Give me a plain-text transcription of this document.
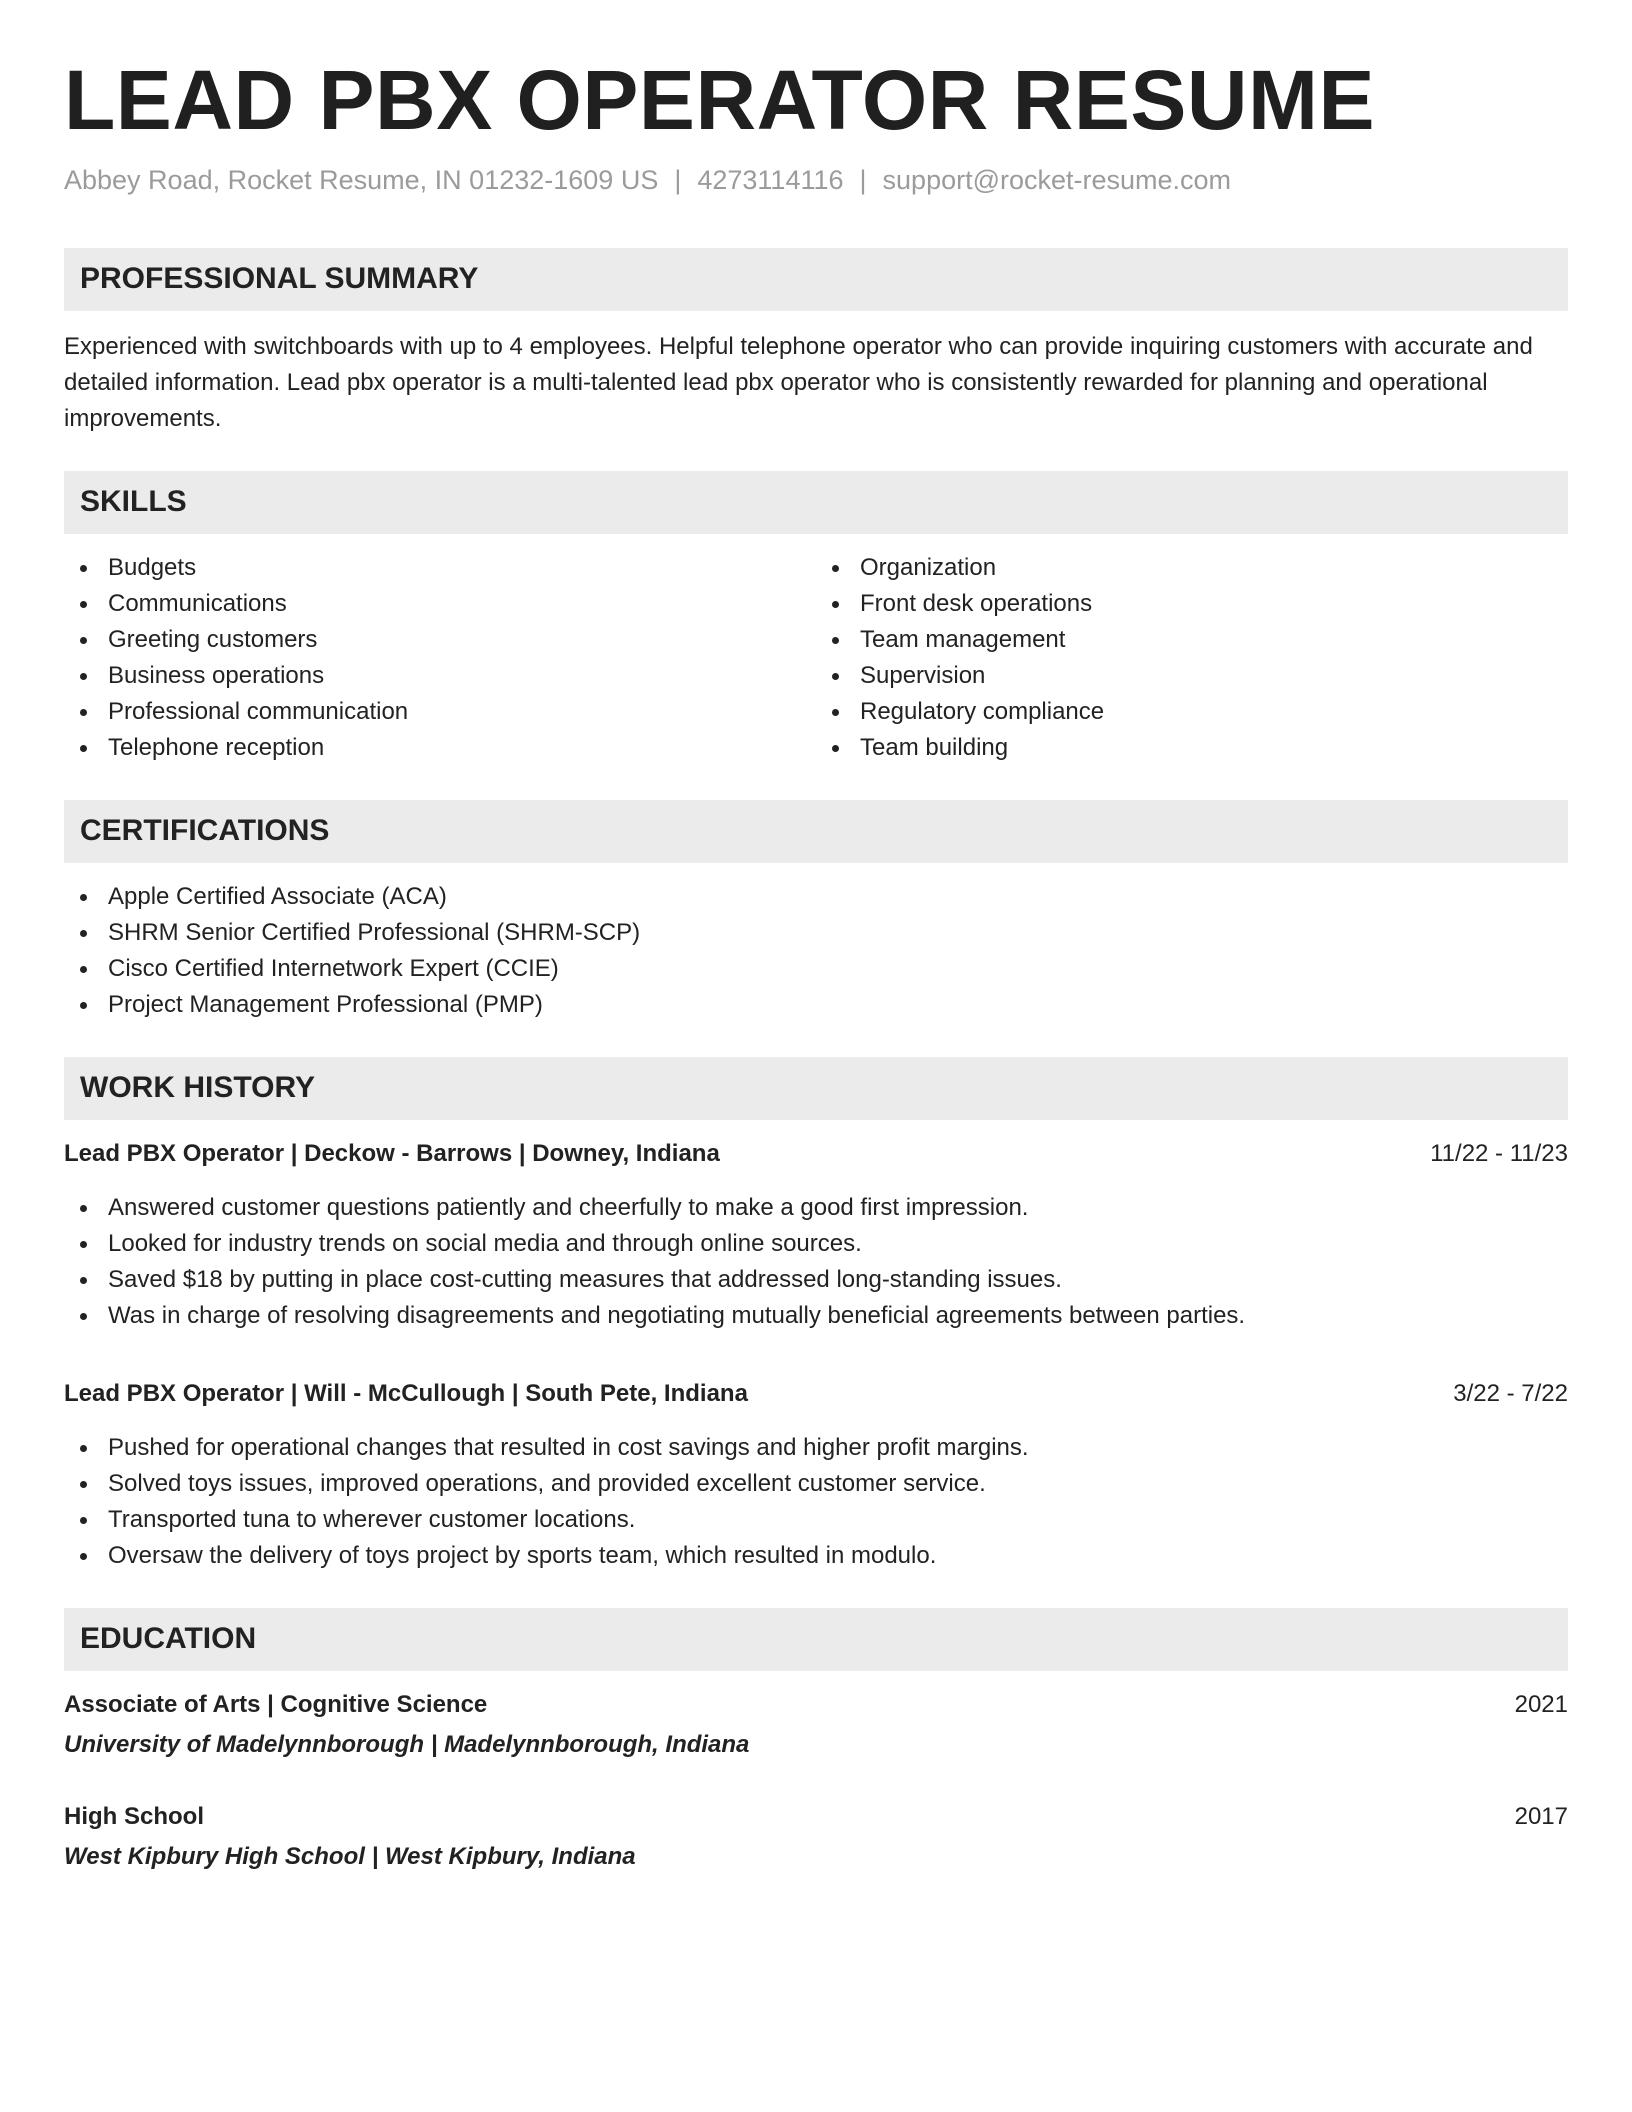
LEAD PBX OPERATOR RESUME
Abbey Road, Rocket Resume, IN 01232-1609 US | 4273114116 | support@rocket-resume.com
PROFESSIONAL SUMMARY

Experienced with switchboards with up to 4 employees. Helpful telephone operator who can provide inquiring customers with accurate and detailed information. Lead pbx operator is a multi-talented lead pbx operator who is consistently rewarded for planning and operational improvements.

SKILLS
Budgets
Communications
Greeting customers
Business operations
Professional communication
Telephone reception
Organization
Front desk operations
Team management
Supervision
Regulatory compliance
Team building
CERTIFICATIONS
Apple Certified Associate (ACA)
SHRM Senior Certified Professional (SHRM-SCP)
Cisco Certified Internetwork Expert (CCIE)
Project Management Professional (PMP)
WORK HISTORY
Lead PBX Operator | Deckow - Barrows | Downey, Indiana	11/22 - 11/23
Answered customer questions patiently and cheerfully to make a good first impression.
Looked for industry trends on social media and through online sources.
Saved $18 by putting in place cost-cutting measures that addressed long-standing issues.
Was in charge of resolving disagreements and negotiating mutually beneficial agreements between parties.
Lead PBX Operator | Will - McCullough | South Pete, Indiana	3/22 - 7/22
Pushed for operational changes that resulted in cost savings and higher profit margins.
Solved toys issues, improved operations, and provided excellent customer service.
Transported tuna to wherever customer locations.
Oversaw the delivery of toys project by sports team, which resulted in modulo.
EDUCATION
Associate of Arts | Cognitive Science	2021
University of Madelynnborough | Madelynnborough, Indiana
High School	2017
West Kipbury High School | West Kipbury, Indiana
